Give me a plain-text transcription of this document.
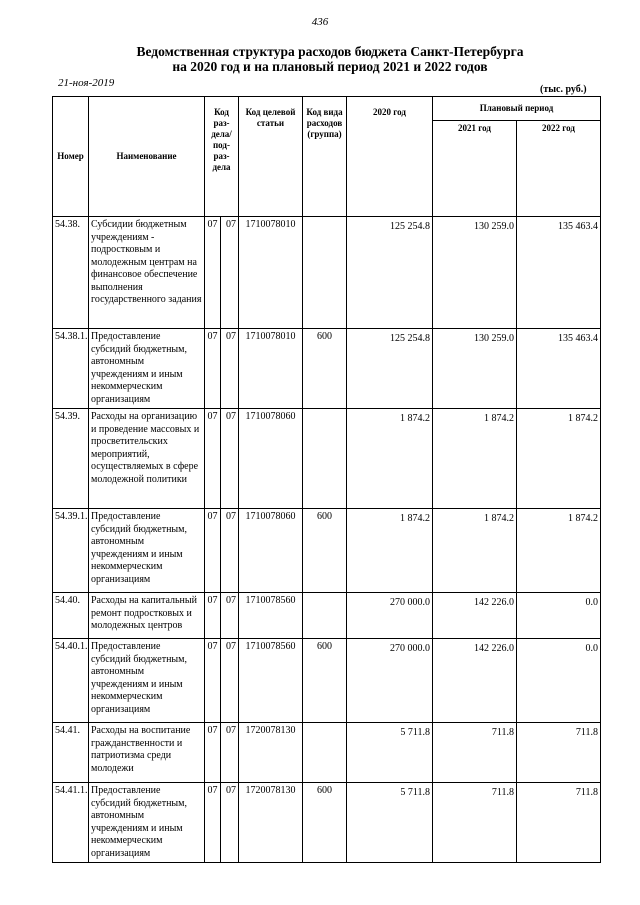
436
Ведомственная структура расходов бюджета Санкт-Петербурга
на 2020 год и на плановый период 2021 и 2022 годов
21-ноя-2019
(тыс. руб.)
Номер	Наименование	Код раз-дела/ под-раз-дела		Код целевой статьи	Код вида расходов (группа)	2020 год	Плановый период	
							2021 год	2022 год
54.38.	Субсидии бюджетным учреждениям - подростковым и молодежным центрам на финансовое обеспечение выполнения государственного задания	07	07	1710078010		125 254.8	130 259.0	135 463.4
54.38.1.	Предоставление субсидий бюджетным, автономным учреждениям и иным некоммерческим организациям	07	07	1710078010	600	125 254.8	130 259.0	135 463.4
54.39.	Расходы на организацию и проведение массовых и просветительских мероприятий, осуществляемых в сфере молодежной политики	07	07	1710078060		1 874.2	1 874.2	1 874.2
54.39.1.	Предоставление субсидий бюджетным, автономным учреждениям и иным некоммерческим организациям	07	07	1710078060	600	1 874.2	1 874.2	1 874.2
54.40.	Расходы на капитальный ремонт подростковых и молодежных центров	07	07	1710078560		270 000.0	142 226.0	0.0
54.40.1.	Предоставление субсидий бюджетным, автономным учреждениям и иным некоммерческим организациям	07	07	1710078560	600	270 000.0	142 226.0	0.0
54.41.	Расходы на воспитание гражданственности и патриотизма среди молодежи	07	07	1720078130		5 711.8	711.8	711.8
54.41.1.	Предоставление субсидий бюджетным, автономным учреждениям и иным некоммерческим организациям	07	07	1720078130	600	5 711.8	711.8	711.8
